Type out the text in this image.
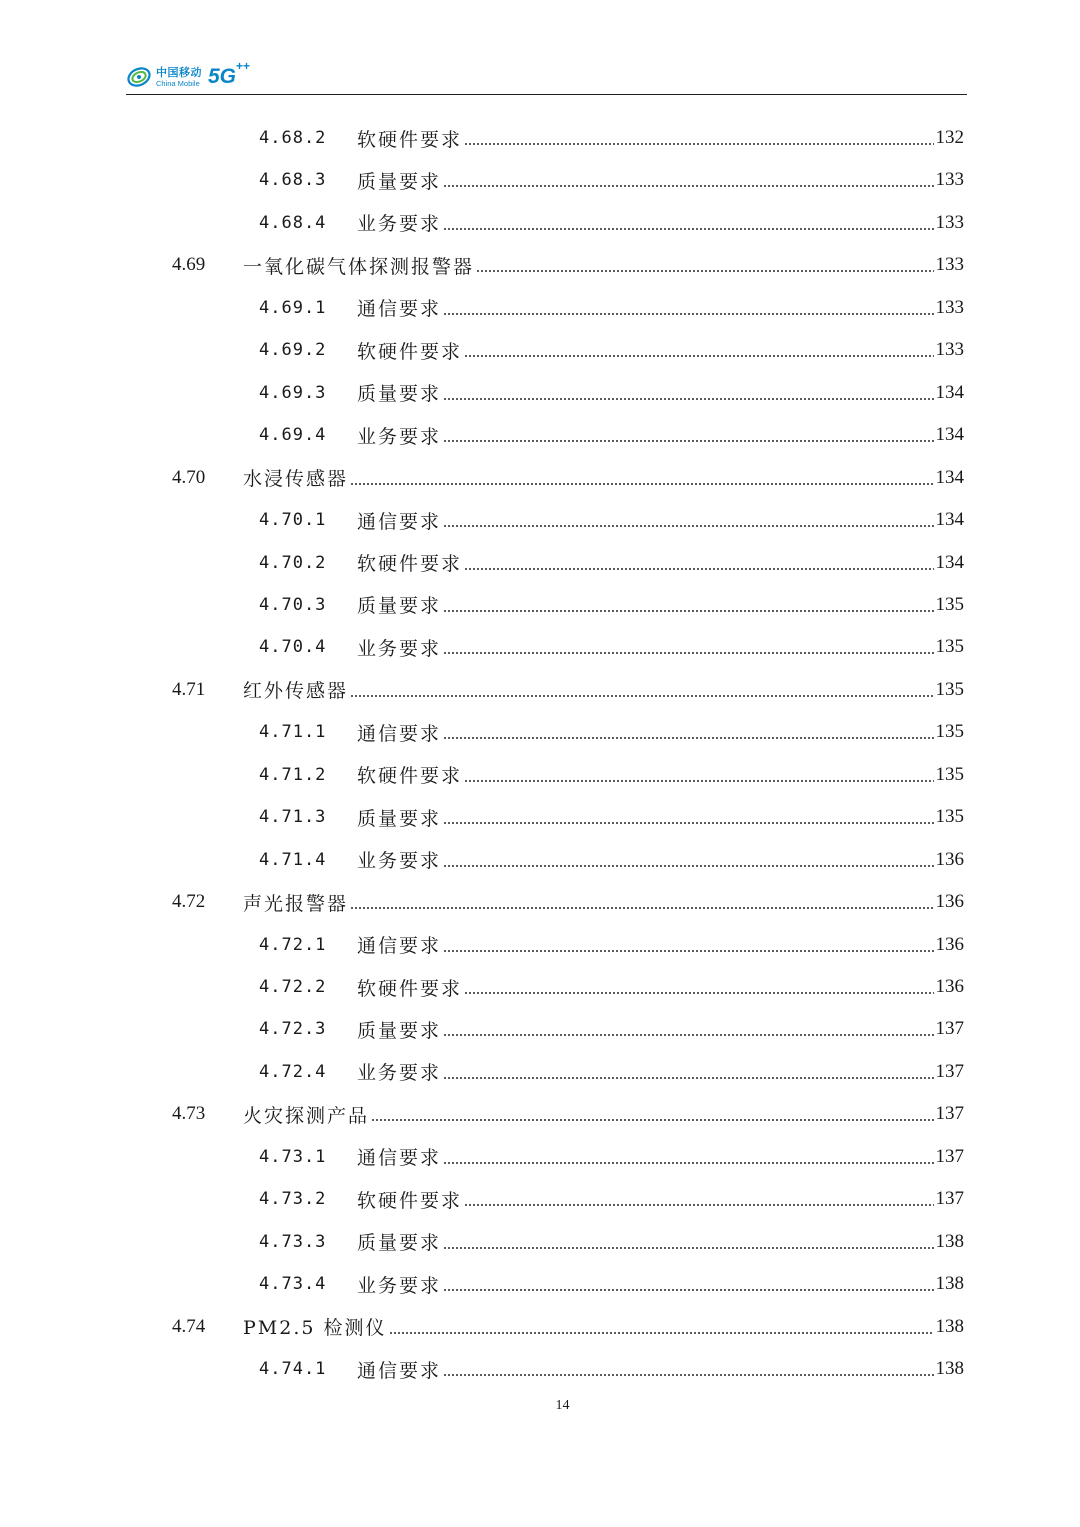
中国移动
China Mobile 5G ++
4.68.2	软硬件要求	132
4.68.3	质量要求	133
4.68.4	业务要求	133
4.69	一氧化碳气体探测报警器	133
4.69.1	通信要求	133
4.69.2	软硬件要求	133
4.69.3	质量要求	134
4.69.4	业务要求	134
4.70	水浸传感器	134
4.70.1	通信要求	134
4.70.2	软硬件要求	134
4.70.3	质量要求	135
4.70.4	业务要求	135
4.71	红外传感器	135
4.71.1	通信要求	135
4.71.2	软硬件要求	135
4.71.3	质量要求	135
4.71.4	业务要求	136
4.72	声光报警器	136
4.72.1	通信要求	136
4.72.2	软硬件要求	136
4.72.3	质量要求	137
4.72.4	业务要求	137
4.73	火灾探测产品	137
4.73.1	通信要求	137
4.73.2	软硬件要求	137
4.73.3	质量要求	138
4.73.4	业务要求	138
4.74	PM2.5 检测仪	138
4.74.1	通信要求	138
14
